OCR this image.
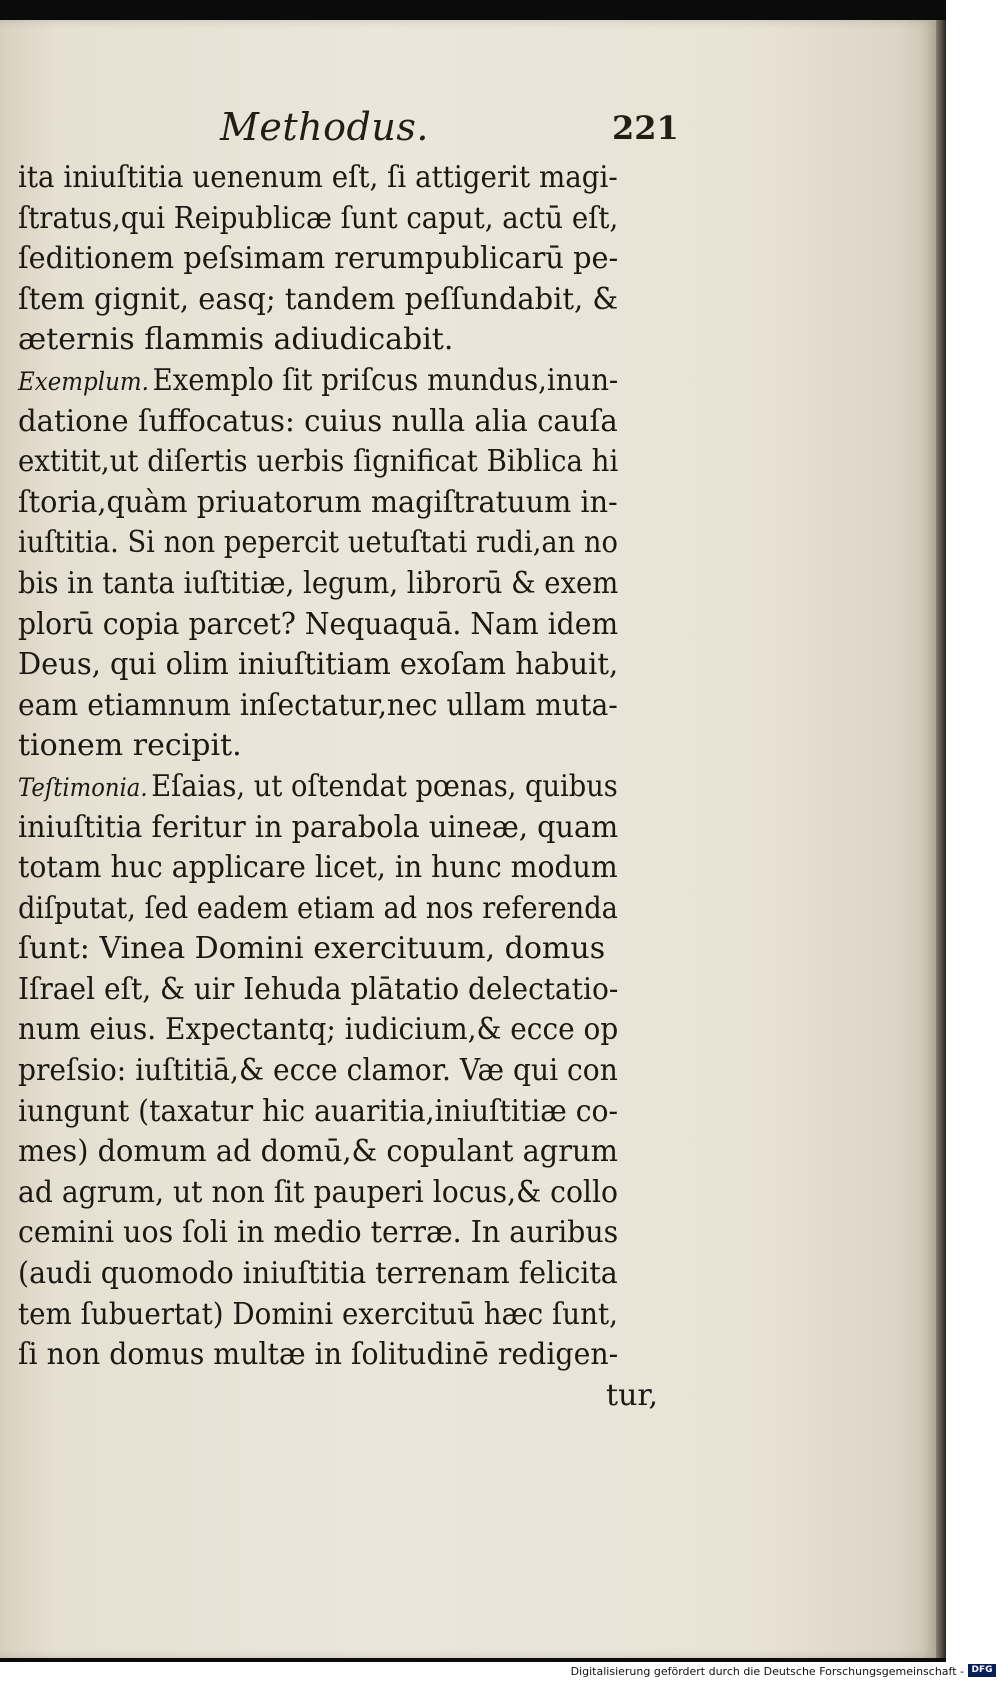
Methodus.	221
ita iniuſtitia uenenum eſt, ſi attigerit magi-
ſtratus,qui Reipublicæ ſunt caput, actū eſt,
ſeditionem peſsimam rerumpublicarū pe-
ſtem gignit, easq; tandem peſſundabit, &
æternis flammis adiudicabit.
Exemplum. Exemplo ſit priſcus mundus,inun-
datione ſuffocatus: cuius nulla alia cauſa
extitit,ut diſertis uerbis ſignificat Biblica hi
ſtoria,quàm priuatorum magiſtratuum in-
iuſtitia. Si non pepercit uetuſtati rudi,an no
bis in tanta iuſtitiæ, legum, librorū & exem
plorū copia parcet? Nequaquā. Nam idem
Deus, qui olim iniuſtitiam exoſam habuit,
eam etiamnum inſectatur,nec ullam muta-
tionem recipit.
Teſtimonia. Eſaias, ut oſtendat pœnas, quibus
iniuſtitia feritur in parabola uineæ, quam
totam huc applicare licet, in hunc modum
diſputat, ſed eadem etiam ad nos referenda
ſunt: Vinea Domini exercituum, domus
Iſrael eſt, & uir Iehuda plātatio delectatio-
num eius. Expectantq; iudicium,& ecce op
preſsio: iuſtitiā,& ecce clamor. Væ qui con
iungunt (taxatur hic auaritia,iniuſtitiæ co-
mes) domum ad domū,& copulant agrum
ad agrum, ut non ſit pauperi locus,& collo
cemini uos ſoli in medio terræ. In auribus
(audi quomodo iniuſtitia terrenam felicita
tem ſubuertat) Domini exercituū hæc ſunt,
ſi non domus multæ in ſolitudinē redigen-
tur,
Digitalisierung gefördert durch die Deutsche Forschungsgemeinschaft - DFG
